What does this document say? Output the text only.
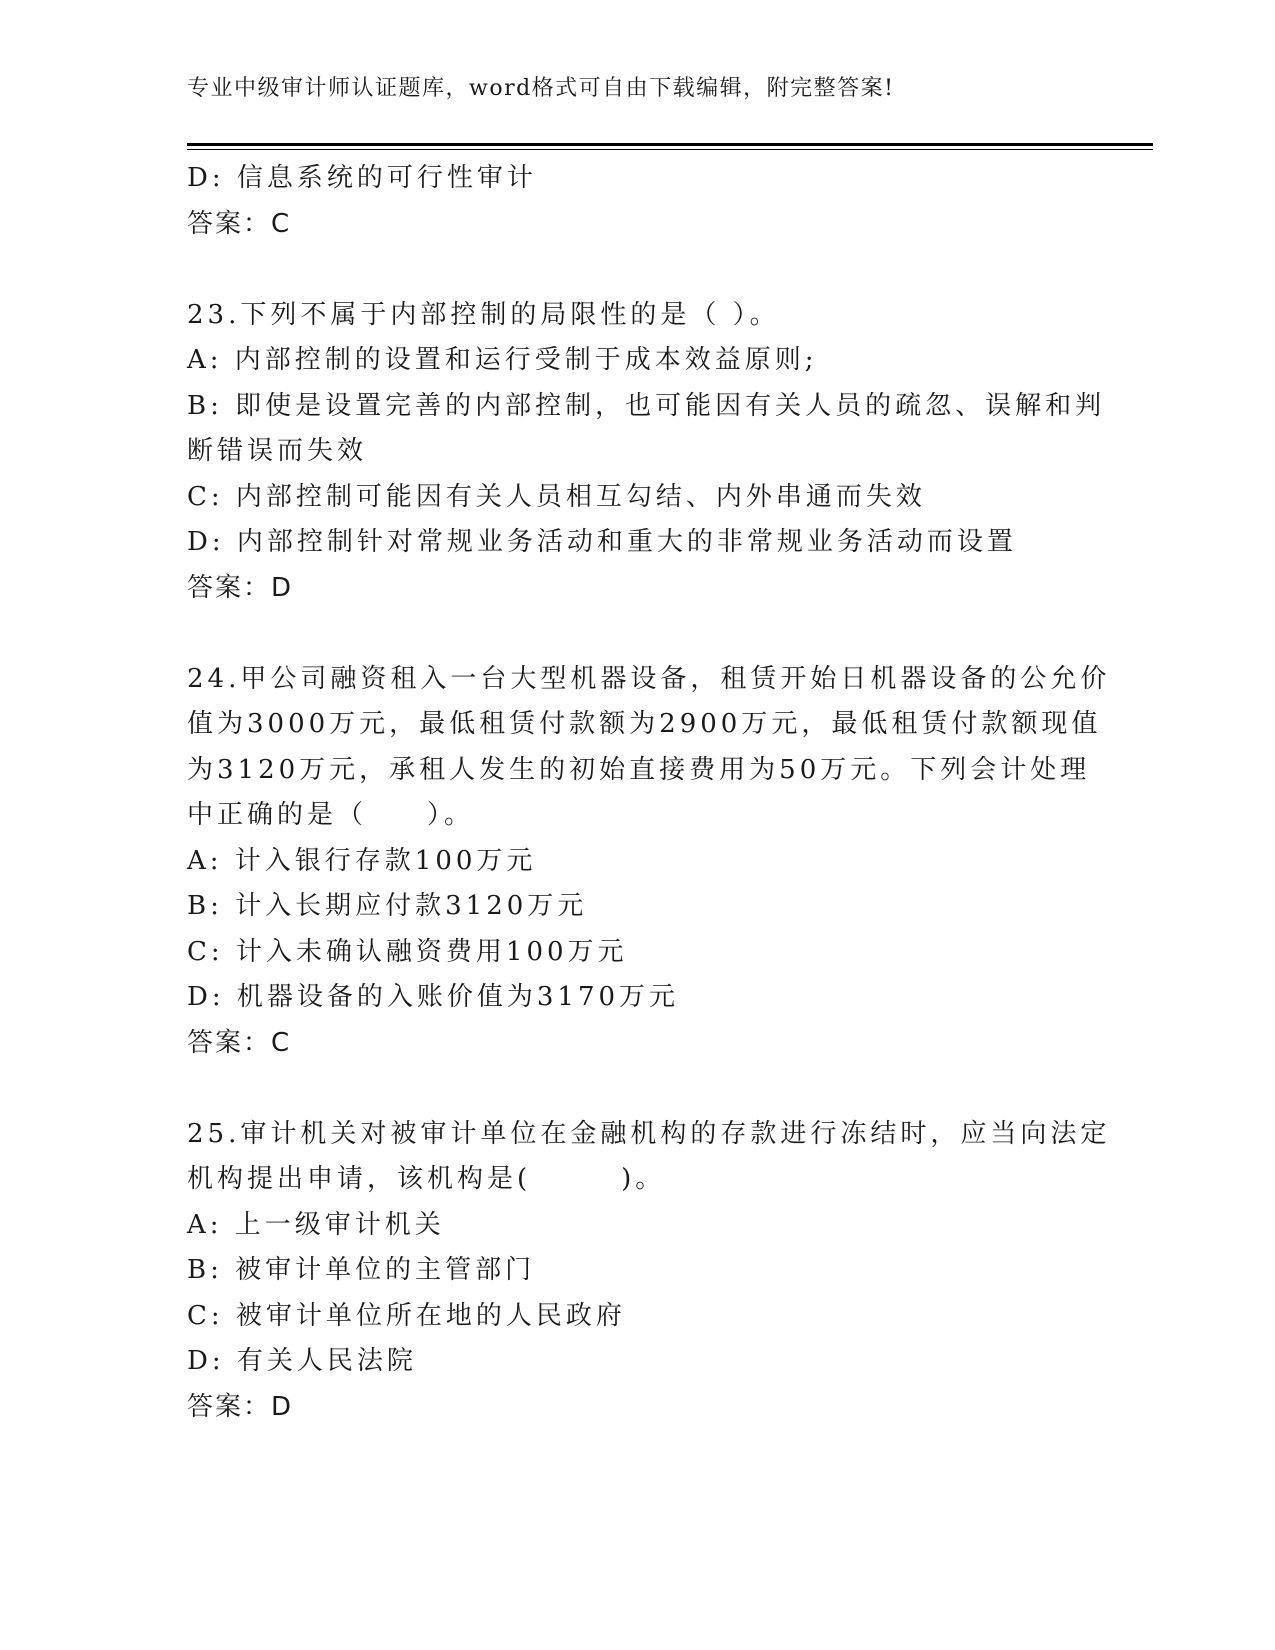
专业中级审计师认证题库，word格式可自由下载编辑，附完整答案!
D: 信息系统的可行性审计
答案：C
23.下列不属于内部控制的局限性的是（ ）。
A: 内部控制的设置和运行受制于成本效益原则;
B: 即使是设置完善的内部控制，也可能因有关人员的疏忽、误解和判
断错误而失效
C: 内部控制可能因有关人员相互勾结、内外串通而失效
D: 内部控制针对常规业务活动和重大的非常规业务活动而设置
答案：D
24.甲公司融资租入一台大型机器设备，租赁开始日机器设备的公允价
值为3000万元，最低租赁付款额为2900万元，最低租赁付款额现值
为3120万元，承租人发生的初始直接费用为50万元。下列会计处理
中正确的是（　　）。
A: 计入银行存款100万元
B: 计入长期应付款3120万元
C: 计入未确认融资费用100万元
D: 机器设备的入账价值为3170万元
答案：C
25.审计机关对被审计单位在金融机构的存款进行冻结时，应当向法定
机构提出申请，该机构是(　　　)。
A: 上一级审计机关
B: 被审计单位的主管部门
C: 被审计单位所在地的人民政府
D: 有关人民法院
答案：D
